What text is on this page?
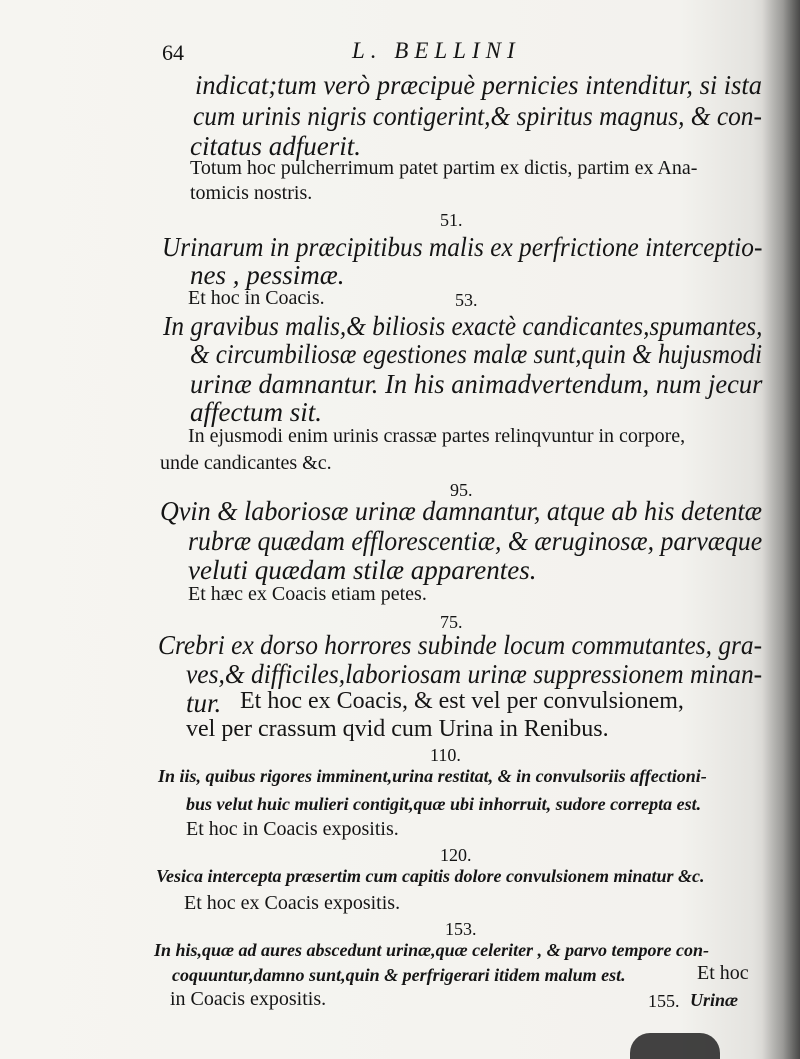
64	L. BELLINI
indicat;tum verò præcipuè pernicies intenditur, si ista
cum urinis nigris contigerint,& spiritus magnus, & con-
citatus adfuerit.
Totum hoc pulcherrimum patet partim ex dictis, partim ex Ana-
tomicis nostris.
51.
Urinarum in præcipitibus malis ex perfrictione interceptio-
nes , pessimæ.
Et hoc in Coacis.	53.
In gravibus malis,& biliosis exactè candicantes,spumantes,
& circumbiliosæ egestiones malæ sunt,quin & hujusmodi
urinæ damnantur. In his animadvertendum, num jecur
affectum sit.
In ejusmodi enim urinis crassæ partes relinqvuntur in corpore,
unde candicantes &c.
95.
Qvin & laboriosæ urinæ damnantur, atque ab his detentæ
rubræ quædam efflorescentiæ, & æruginosæ, parvæque
veluti quædam stilæ apparentes.
Et hæc ex Coacis etiam petes.
75.
Crebri ex dorso horrores subinde locum commutantes, gra-
ves,& difficiles,laboriosam urinæ suppressionem minan-
tur. Et hoc ex Coacis, & est vel per convulsionem,
vel per crassum qvid cum Urina in Renibus.
110.
In iis, quibus rigores imminent,urina restitat, & in convulsoriis affectioni-
bus velut huic mulieri contigit,quæ ubi inhorruit, sudore correpta est.
Et hoc in Coacis expositis.
120.
Vesica intercepta præsertim cum capitis dolore convulsionem minatur &c.
Et hoc ex Coacis expositis.
153.
In his,quæ ad aures abscedunt urinæ,quæ celeriter , & parvo tempore con-
coquuntur,damno sunt,quin & perfrigerari itidem malum est.	Et hoc
in Coacis expositis.	155. Urinæ
